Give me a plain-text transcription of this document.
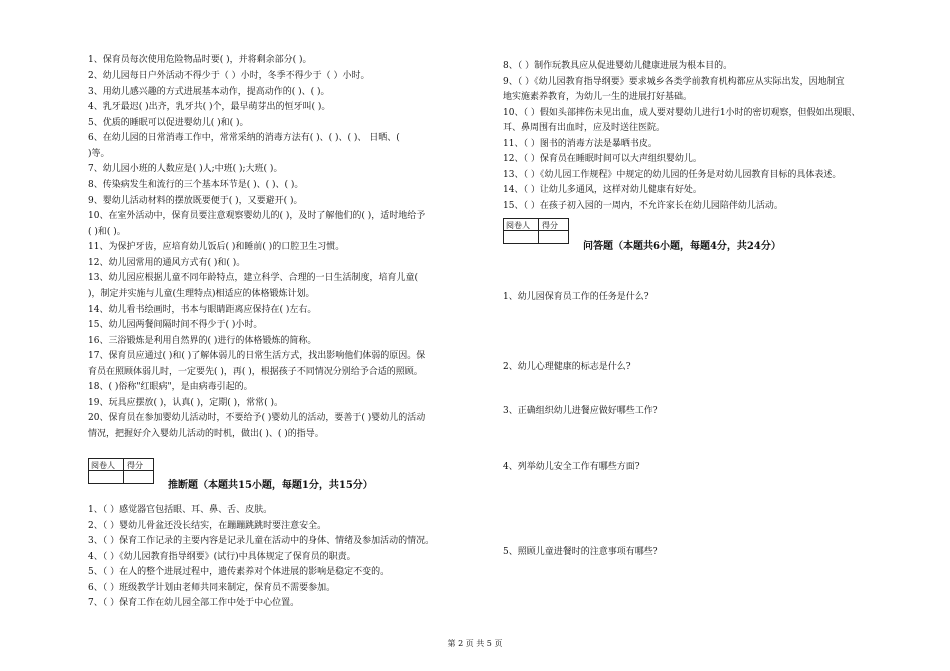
1、保育员每次使用危险物品时要( )，并将剩余部分( )。
2、幼儿园每日户外活动不得少于（ ）小时，冬季不得少于（ ）小时。
3、用幼儿感兴趣的方式进展基本动作，提高动作的( )、( )。
4、乳牙最迟( )出齐，乳牙共( )个，最早萌芽出的恒牙叫( )。
5、优质的睡眠可以促进婴幼儿( )和( )。
6、在幼儿园的日常消毒工作中，常常采纳的消毒方法有( )、( )、( )、 日晒、(
)等。
7、幼儿园小班的人数应是( )人;中班( );大班( )。
8、传染病发生和流行的三个基本环节是( )、( )、( )。
9、婴幼儿活动材料的摆放既要便于( )，又要避开( )。
10、在室外活动中，保育员要注意观察婴幼儿的( )，及时了解他们的( )，适时地给予
( )和( )。
11、为保护牙齿，应培育幼儿饭后( )和睡前( )的口腔卫生习惯。
12、幼儿园常用的通风方式有( )和( )。
13、幼儿园应根据儿童不同年龄特点，建立科学、合理的一日生活制度，培育儿童(
)，制定并实施与儿童(生理特点)相适应的体格锻炼计划。
14、幼儿看书绘画时，书本与眼睛距离应保持在( )左右。
15、幼儿园两餐间隔时间不得少于( )小时。
16、三浴锻炼是利用自然界的( )进行的体格锻炼的简称。
17、保育员应通过( )和( )了解体弱儿的日常生活方式，找出影响他们体弱的原因。保
育员在照顾体弱儿时，一定要先( )，再( )，根据孩子不同情况分别给予合适的照顾。
18、( )俗称"红眼病"，是由病毒引起的。
19、玩具应摆放( )，认真( )，定期( )，常常( )。
20、保育员在参加婴幼儿活动时，不要给予( )婴幼儿的活动，要善于( )婴幼儿的活动
情况，把握好介入婴幼儿活动的时机，做出( )、( )的指导。
阅卷人 得分
推断题（本题共15小题，每题1分，共15分）
1、（ ）感觉器官包括眼、耳、鼻、舌、皮肤。
2、（ ）婴幼儿骨盆还没长结实，在蹦蹦跳跳时要注意安全。
3、（ ）保育工作记录的主要内容是记录儿童在活动中的身体、情绪及参加活动的情况。
4、（ ）《幼儿园教育指导纲要》(试行)中具体规定了保育员的职责。
5、（ ）在人的整个进展过程中，遗传素养对个体进展的影响是稳定不变的。
6、（ ）班级教学计划由老师共同来制定，保育员不需要参加。
7、（ ）保育工作在幼儿园全部工作中处于中心位置。
8、（ ）制作玩教具应从促进婴幼儿健康进展为根本目的。
9、（ ）《幼儿园教育指导纲要》要求城乡各类学前教育机构都应从实际出发，因地制宜
地实施素养教育，为幼儿一生的进展打好基础。
10、（ ）假如头部摔伤未见出血，成人要对婴幼儿进行1小时的密切观察，但假如出现眼、
耳、鼻周围有出血时，应及时送往医院。
11、（ ）图书的消毒方法是暴晒书皮。
12、（ ）保育员在睡眠时间可以大声组织婴幼儿。
13、（ ）《幼儿园工作规程》中规定的幼儿园的任务是对幼儿园教育目标的具体表述。
14、（ ）让幼儿多通风，这样对幼儿健康有好处。
15、（ ）在孩子初入园的一周内，不允许家长在幼儿园陪伴幼儿活动。
阅卷人 得分
问答题（本题共6小题，每题4分，共24分）
1、幼儿园保育员工作的任务是什么?
2、幼儿心理健康的标志是什么?
3、正确组织幼儿进餐应做好哪些工作?
4、列举幼儿安全工作有哪些方面?
5、照顾儿童进餐时的注意事项有哪些?
第 2 页 共 5 页
